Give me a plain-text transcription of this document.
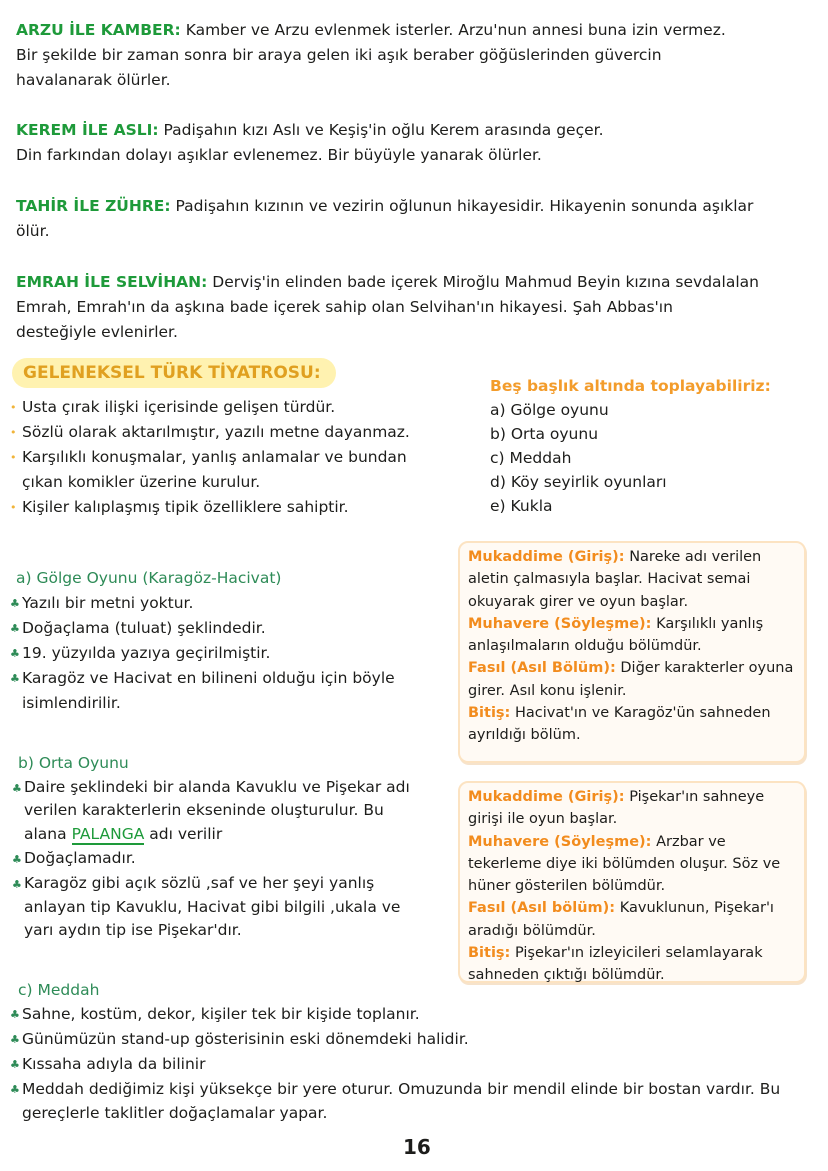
ARZU İLE KAMBER: Kamber ve Arzu evlenmek isterler. Arzu'nun annesi buna izin vermez.
Bir şekilde bir zaman sonra bir araya gelen iki aşık beraber göğüslerinden güvercin
havalanarak ölürler.
KEREM İLE ASLI: Padişahın kızı Aslı ve Keşiş'in oğlu Kerem arasında geçer.
Din farkından dolayı aşıklar evlenemez. Bir büyüyle yanarak ölürler.
TAHİR İLE ZÜHRE: Padişahın kızının ve vezirin oğlunun hikayesidir. Hikayenin sonunda aşıklar
ölür.
EMRAH İLE SELVİHAN: Derviş'in elinden bade içerek Miroğlu Mahmud Beyin kızına sevdalalan
Emrah, Emrah'ın da aşkına bade içerek sahip olan Selvihan'ın hikayesi. Şah Abbas'ın
desteğiyle evlenirler.
GELENEKSEL TÜRK TİYATROSU:
• Usta çırak ilişki içerisinde gelişen türdür.
• Sözlü olarak aktarılmıştır, yazılı metne dayanmaz.
• Karşılıklı konuşmalar, yanlış anlamalar ve bundan çıkan komikler üzerine kurulur.
• Kişiler kalıplaşmış tipik özelliklere sahiptir.
Beş başlık altında toplayabiliriz:
a) Gölge oyunu
b) Orta oyunu
c) Meddah
d) Köy seyirlik oyunları
e) Kukla
a) Gölge Oyunu (Karagöz-Hacivat)
♣ Yazılı bir metni yoktur.
♣ Doğaçlama (tuluat) şeklindedir.
♣ 19. yüzyılda yazıya geçirilmiştir.
♣ Karagöz ve Hacivat en bilineni olduğu için böyle isimlendirilir.
Mukaddime (Giriş): Nareke adı verilen aletin çalmasıyla başlar. Hacivat semai okuyarak girer ve oyun başlar.
Muhavere (Söyleşme): Karşılıklı yanlış anlaşılmaların olduğu bölümdür.
Fasıl (Asıl Bölüm): Diğer karakterler oyuna girer. Asıl konu işlenir.
Bitiş: Hacivat'ın ve Karagöz'ün sahneden ayrıldığı bölüm.
b) Orta Oyunu
♣ Daire şeklindeki bir alanda Kavuklu ve Pişekar adı verilen karakterlerin ekseninde oluşturulur. Bu alana PALANGA adı verilir
♣ Doğaçlamadır.
♣ Karagöz gibi açık sözlü ,saf ve her şeyi yanlış anlayan tip Kavuklu, Hacivat gibi bilgili ,ukala ve yarı aydın tip ise Pişekar'dır.
Mukaddime (Giriş): Pişekar'ın sahneye girişi ile oyun başlar.
Muhavere (Söyleşme): Arzbar ve tekerleme diye iki bölümden oluşur. Söz ve hüner gösterilen bölümdür.
Fasıl (Asıl bölüm): Kavuklunun, Pişekar'ı aradığı bölümdür.
Bitiş: Pişekar'ın izleyicileri selamlayarak sahneden çıktığı bölümdür.
c) Meddah
♣ Sahne, kostüm, dekor, kişiler tek bir kişide toplanır.
♣ Günümüzün stand-up gösterisinin eski dönemdeki halidir.
♣ Kıssaha adıyla da bilinir
♣ Meddah dediğimiz kişi yüksekçe bir yere oturur. Omuzunda bir mendil elinde bir bostan vardır. Bu gereçlerle taklitler doğaçlamalar yapar.
16
